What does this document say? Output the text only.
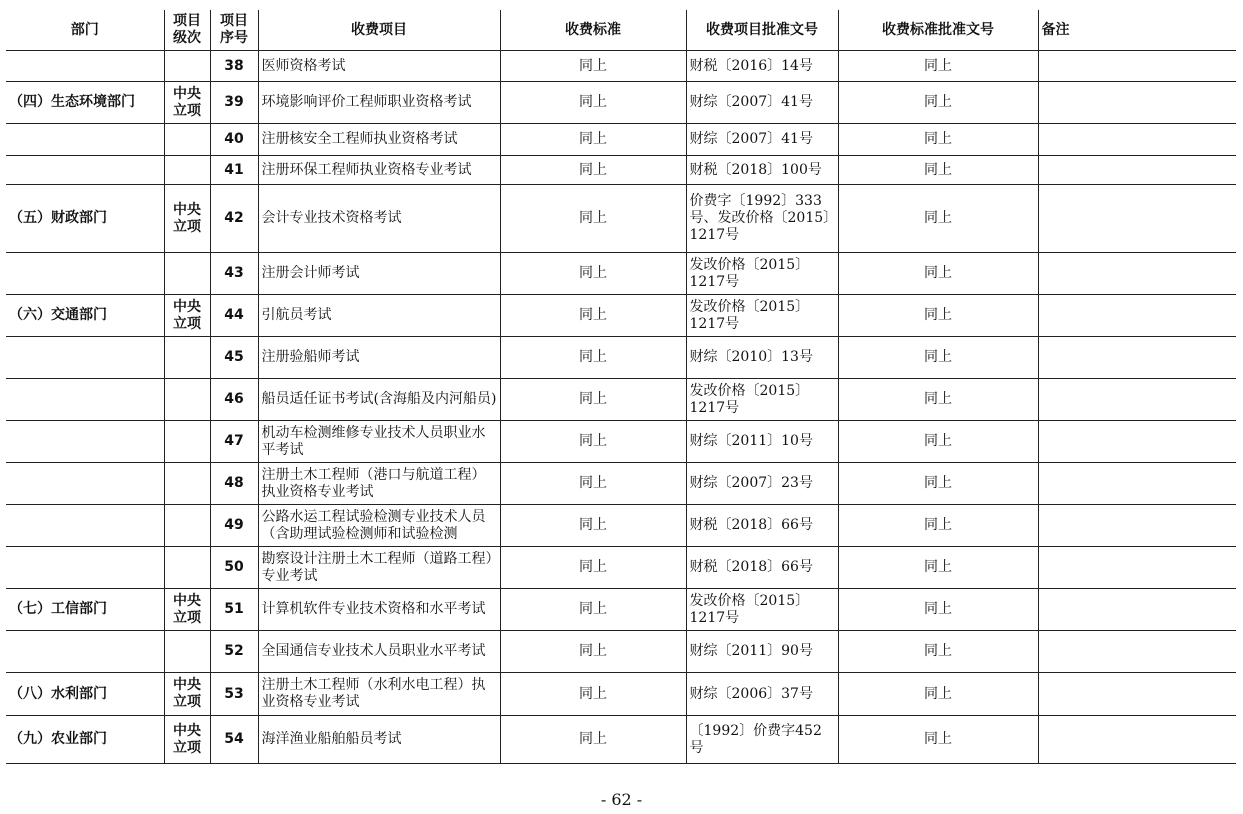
部门	项目级次	项目序号	收费项目	收费标准	收费项目批准文号	收费标准批准文号	备注
		38	医师资格考试	同上	财税〔2016〕14号	同上	
（四）生态环境部门	中央立项	39	环境影响评价工程师职业资格考试	同上	财综〔2007〕41号	同上	
		40	注册核安全工程师执业资格考试	同上	财综〔2007〕41号	同上	
		41	注册环保工程师执业资格专业考试	同上	财税〔2018〕100号	同上	
（五）财政部门	中央立项	42	会计专业技术资格考试	同上	价费字〔1992〕333号、发改价格〔2015〕1217号	同上	
		43	注册会计师考试	同上	发改价格〔2015〕1217号	同上	
（六）交通部门	中央立项	44	引航员考试	同上	发改价格〔2015〕1217号	同上	
		45	注册验船师考试	同上	财综〔2010〕13号	同上	
		46	船员适任证书考试(含海船及内河船员)	同上	发改价格〔2015〕1217号	同上	
		47	机动车检测维修专业技术人员职业水平考试	同上	财综〔2011〕10号	同上	
		48	注册土木工程师（港口与航道工程）执业资格专业考试	同上	财综〔2007〕23号	同上	
		49	公路水运工程试验检测专业技术人员（含助理试验检测师和试验检测	同上	财税〔2018〕66号	同上	
		50	勘察设计注册土木工程师（道路工程）专业考试	同上	财税〔2018〕66号	同上	
（七）工信部门	中央立项	51	计算机软件专业技术资格和水平考试	同上	发改价格〔2015〕1217号	同上	
		52	全国通信专业技术人员职业水平考试	同上	财综〔2011〕90号	同上	
（八）水利部门	中央立项	53	注册土木工程师（水利水电工程）执业资格专业考试	同上	财综〔2006〕37号	同上	
（九）农业部门	中央立项	54	海洋渔业船舶船员考试	同上	〔1992〕价费字452号	同上	
- 62 -
